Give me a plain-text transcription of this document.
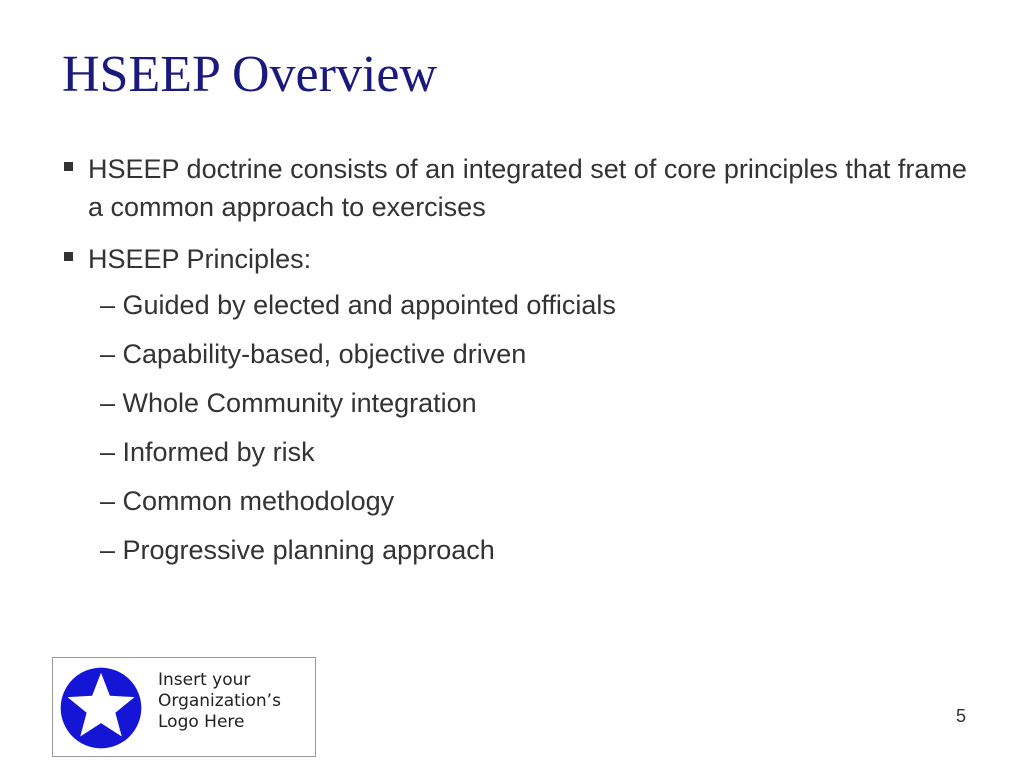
HSEEP Overview
HSEEP doctrine consists of an integrated set of core principles that frame a common approach to exercises
HSEEP Principles:
– Guided by elected and appointed officials
– Capability-based, objective driven
– Whole Community integration
– Informed by risk
– Common methodology
– Progressive planning approach
Insert your
Organization’s
Logo Here	5
